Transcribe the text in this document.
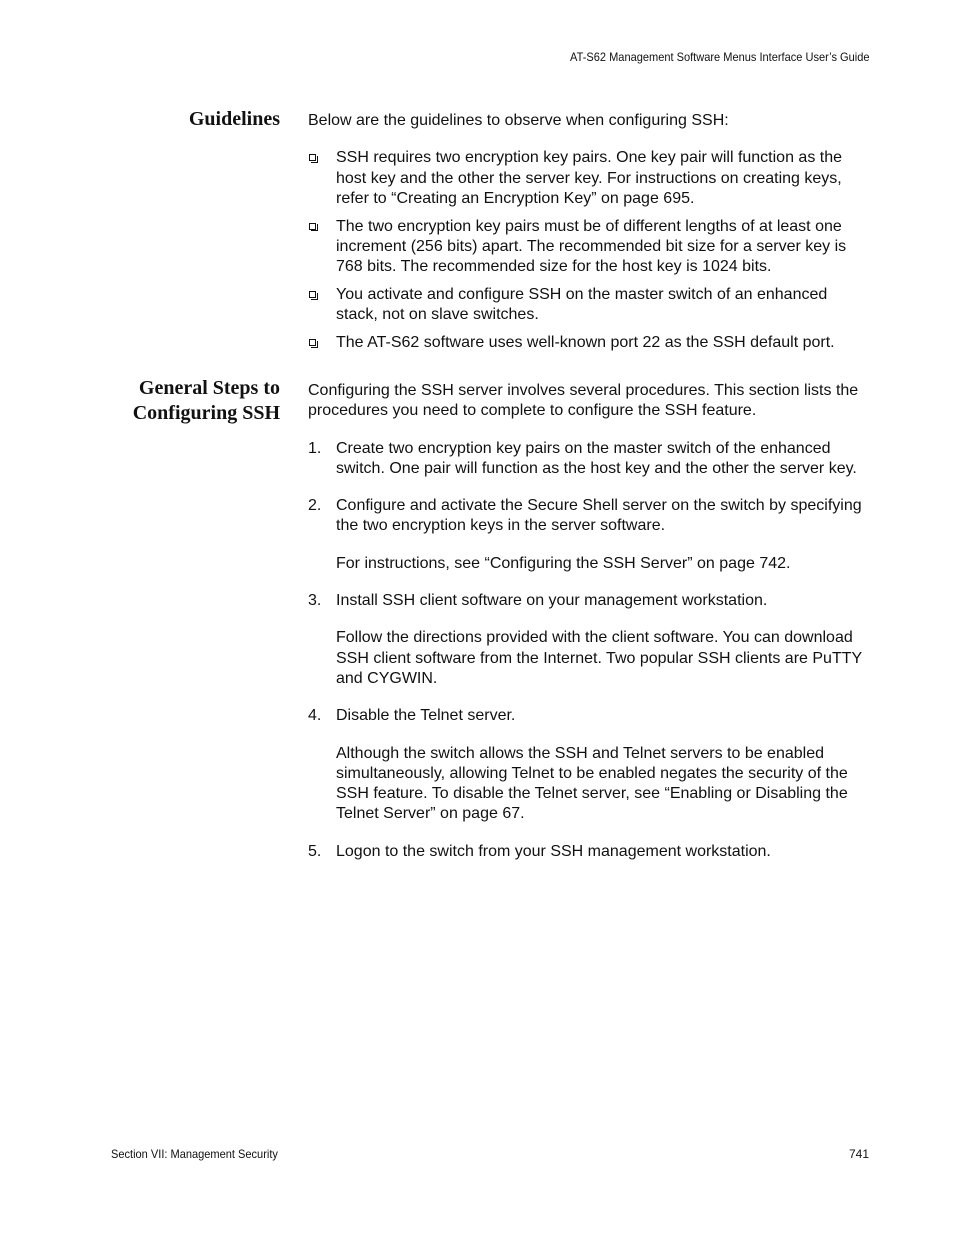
AT-S62 Management Software Menus Interface User’s Guide
Guidelines Below are the guidelines to observe when configuring SSH:

SSH requires two encryption key pairs. One key pair will function as the host key and the other the server key. For instructions on creating keys, refer to “Creating an Encryption Key” on page 695.
The two encryption key pairs must be of different lengths of at least one increment (256 bits) apart. The recommended bit size for a server key is 768 bits. The recommended size for the host key is 1024 bits.
You activate and configure SSH on the master switch of an enhanced stack, not on slave switches.
The AT-S62 software uses well-known port 22 as the SSH default port.
General Steps to
Configuring SSH

Configuring the SSH server involves several procedures. This section lists the procedures you need to complete to configure the SSH feature.

1. Create two encryption key pairs on the master switch of the enhanced switch. One pair will function as the host key and the other the server key.
2. Configure and activate the Secure Shell server on the switch by specifying the two encryption keys in the server software.

For instructions, see “Configuring the SSH Server” on page 742.

3. Install SSH client software on your management workstation.

Follow the directions provided with the client software. You can download SSH client software from the Internet. Two popular SSH clients are PuTTY and CYGWIN.

4. Disable the Telnet server.

Although the switch allows the SSH and Telnet servers to be enabled simultaneously, allowing Telnet to be enabled negates the security of the SSH feature. To disable the Telnet server, see “Enabling or Disabling the Telnet Server” on page 67.

5. Logon to the switch from your SSH management workstation.
Section VII: Management Security	741
